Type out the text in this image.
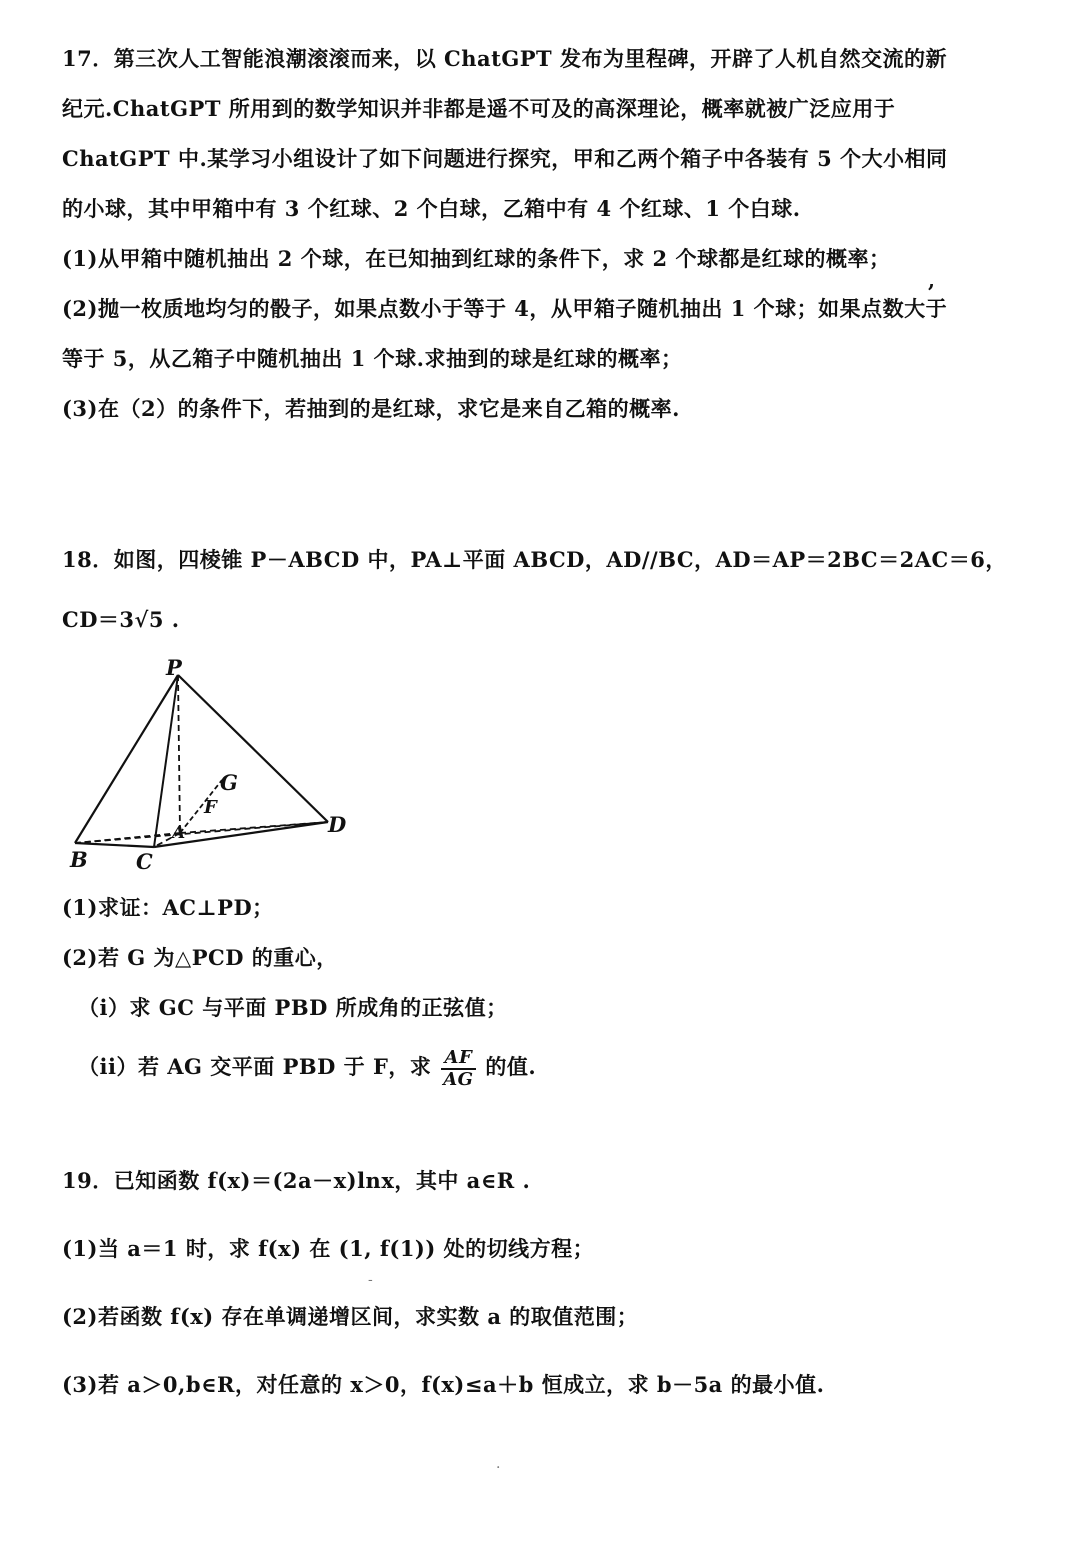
17．第三次人工智能浪潮滚滚而来，以 ChatGPT 发布为里程碑，开辟了人机自然交流的新
纪元.ChatGPT 所用到的数学知识并非都是遥不可及的高深理论，概率就被广泛应用于
ChatGPT 中.某学习小组设计了如下问题进行探究，甲和乙两个箱子中各装有 5 个大小相同
的小球，其中甲箱中有 3 个红球、2 个白球，乙箱中有 4 个红球、1 个白球.
(1)从甲箱中随机抽出 2 个球，在已知抽到红球的条件下，求 2 个球都是红球的概率；
(2)抛一枚质地均匀的骰子，如果点数小于等于 4，从甲箱子随机抽出 1 个球；如果点数大于
等于 5，从乙箱子中随机抽出 1 个球.求抽到的球是红球的概率；
(3)在（2）的条件下，若抽到的是红球，求它是来自乙箱的概率.
18．如图，四棱锥 P－ABCD 中，PA⊥平面 ABCD，AD//BC，AD＝AP＝2BC＝2AC＝6，
CD＝3√5 .
P
G
F
A	D
B C
(1)求证：AC⊥PD；
(2)若 G 为△PCD 的重心，
（i）求 GC 与平面 PBD 所成角的正弦值；
（ii）若 AG 交平面 PBD 于 F，求 $\frac{AF}{AG}$ 的值.
19．已知函数 f(x)＝(2a－x)lnx，其中 a∈R .
(1)当 a＝1 时，求 f(x) 在 (1, f(1)) 处的切线方程；
(2)若函数 f(x) 存在单调递增区间，求实数 a 的取值范围；
(3)若 a＞0,b∈R，对任意的 x＞0，f(x)≤a＋b 恒成立，求 b－5a 的最小值.
,
-
·
